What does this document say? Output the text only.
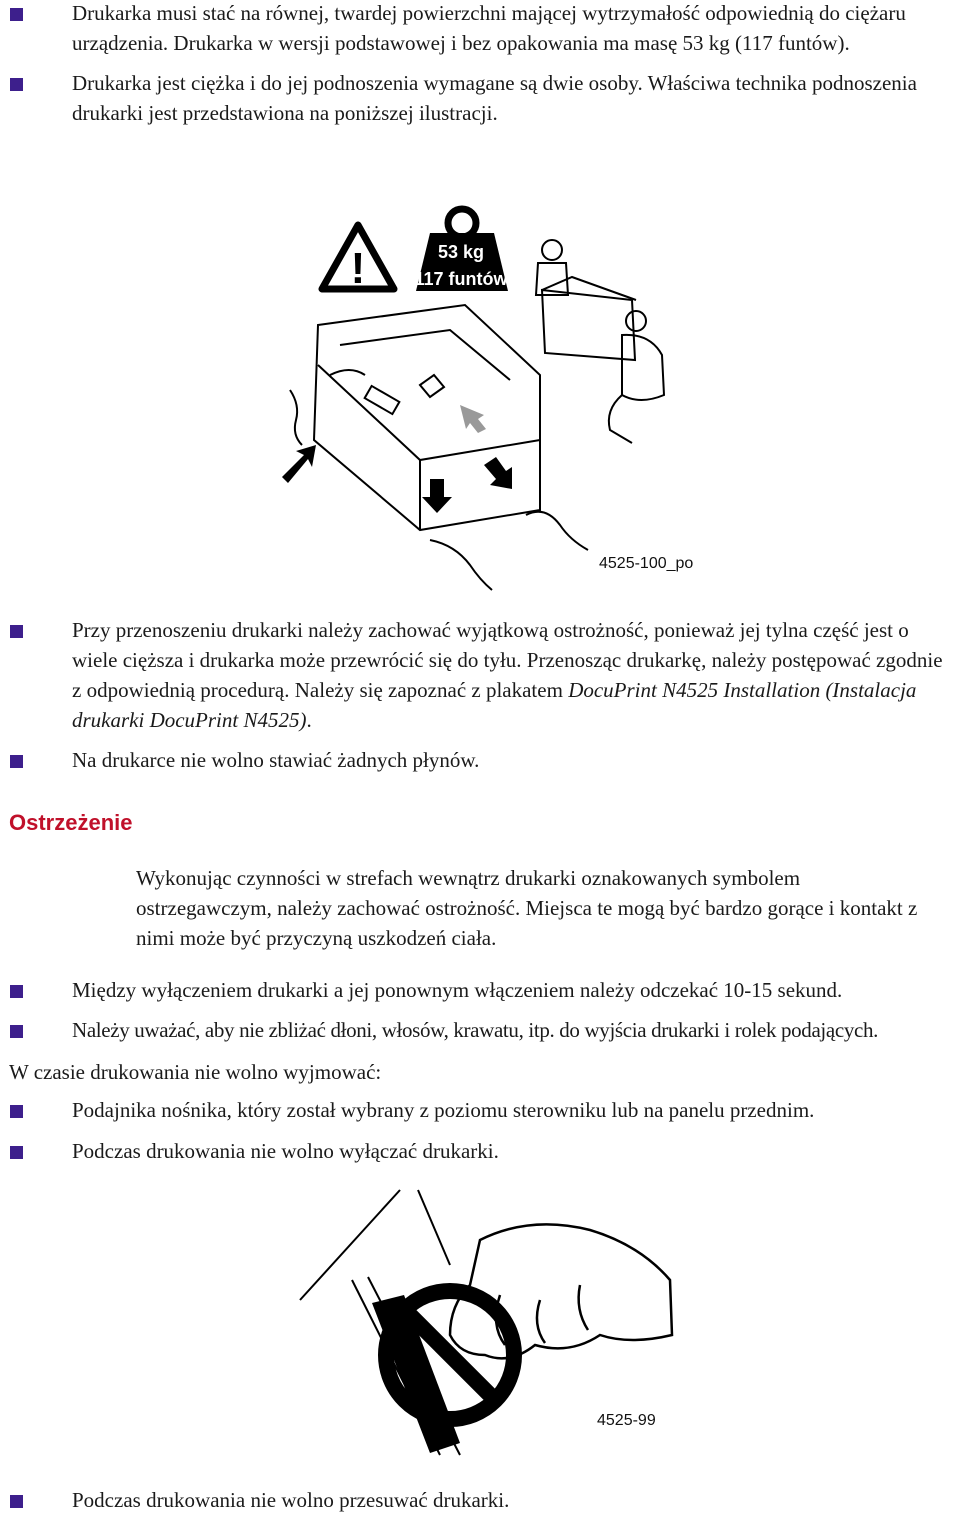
Drukarka musi stać na równej, twardej powierzchni mającej wytrzymałość odpowiednią do ciężaru urządzenia. Drukarka w wersji podstawowej i bez opakowania ma masę 53 kg (117 funtów).
Drukarka jest ciężka i do jej podnoszenia wymagane są dwie osoby. Właściwa technika podnoszenia drukarki jest przedstawiona na poniższej ilustracji.
!	53 kg
117 funtów
4525-100_po
Przy przenoszeniu drukarki należy zachować wyjątkową ostrożność, ponieważ jej tylna część jest o wiele cięższa i drukarka może przewrócić się do tyłu. Przenosząc drukarkę, należy postępować zgodnie z odpowiednią procedurą. Należy się zapoznać z plakatem DocuPrint N4525 Installation (Instalacja drukarki DocuPrint N4525).
Na drukarce nie wolno stawiać żadnych płynów.
Ostrzeżenie
Wykonując czynności w strefach wewnątrz drukarki oznakowanych symbolem ostrzegawczym, należy zachować ostrożność. Miejsca te mogą być bardzo gorące i kontakt z nimi może być przyczyną uszkodzeń ciała.
Między wyłączeniem drukarki a jej ponownym włączeniem należy odczekać 10-15 sekund.
Należy uważać, aby nie zbliżać dłoni, włosów, krawatu, itp. do wyjścia drukarki i rolek podających.
W czasie drukowania nie wolno wyjmować:
Podajnika nośnika, który został wybrany z poziomu sterowniku lub na panelu przednim.
Podczas drukowania nie wolno wyłączać drukarki.
4525-99
Podczas drukowania nie wolno przesuwać drukarki.
